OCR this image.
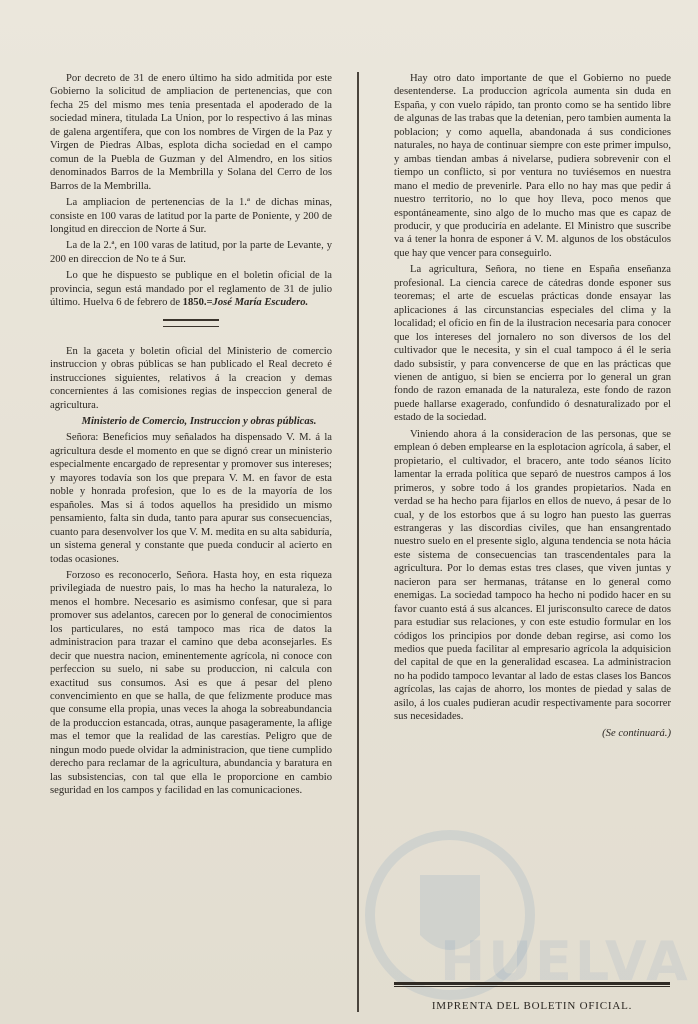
Por decreto de 31 de enero último ha sido admitida por este Gobierno la solicitud de ampliacion de pertenencias, que con fecha 25 del mismo mes tenia presentada el apoderado de la sociedad minera, titulada La Union, por lo respectivo á las minas de galena argentífera, que con los nombres de Virgen de la Paz y Virgen de Piedras Albas, esplota dicha sociedad en el campo comun de la Puebla de Guzman y del Almendro, en los sitios denominados Barros de la Membrilla y Solana del Cerro de los Barros de la Membrilla.

La ampliacion de pertenencias de la 1.ª de dichas minas, consiste en 100 varas de latitud por la parte de Poniente, y 200 de longitud en direccion de Norte á Sur.

La de la 2.ª, en 100 varas de latitud, por la parte de Levante, y 200 en direccion de No te á Sur.

Lo que he dispuesto se publique en el boletin oficial de la provincia, segun está mandado por el reglamento de 31 de julio último. Huelva 6 de febrero de 1850.=José María Escudero.

En la gaceta y boletin oficial del Ministerio de comercio instruccion y obras públicas se han publicado el Real decreto é instrucciones siguientes, relativos á la creacion y demas concernientes á las comisiones regias de inspeccion general de agricultura.

Ministerio de Comercio, Instruccion y obras públicas.

Señora: Beneficios muy señalados ha dispensado V. M. á la agricultura desde el momento en que se dignó crear un ministerio especialmente encargado de representar y promover sus intereses; y mayores todavía son los que prepara V. M. en favor de esta noble y honrada profesion, que lo es de la mayoría de los españoles. Mas si á todos aquellos ha presidido un mismo pensamiento, falta sin duda, tanto para apurar sus consecuencias, cuanto para desenvolver los que V. M. medita en su alta sabiduría, un sistema general y constante que pueda conducir al acierto en todas ocasiones.

Forzoso es reconocerlo, Señora. Hasta hoy, en esta riqueza privilegiada de nuestro pais, lo mas ha hecho la naturaleza, lo menos el hombre. Necesario es asimismo confesar, que si para promover sus adelantos, carecen por lo general de conocimientos los particulares, no está tampoco mas rica de datos la administracion para trazar el camino que deba aconsejarles. Es decir que nuestra nacion, eminentemente agrícola, ni conoce con perfeccion su suelo, ni sabe su produccion, ni calcula con exactitud sus consumos. Asi es que á pesar del pleno convencimiento en que se halla, de que felizmente produce mas que consume ella propia, unas veces la ahoga la sobreabundancia de la produccion estancada, otras, aunque pasageramente, la aflige mas el temor que la realidad de las carestías. Peligro que de ningun modo puede olvidar la administracion, que tiene cumplido derecho para reclamar de la agricultura, abundancia y baratura en las subsistencias, con tal que ella le proporcione en cambio seguridad en los campos y facilidad en las comunicaciones.

Hay otro dato importante de que el Gobierno no puede desentenderse. La produccion agrícola aumenta sin duda en España, y con vuelo rápido, tan pronto como se ha sentido libre de algunas de las trabas que la detenian, pero tambien aumenta la poblacion; y como aquella, abandonada á sus condiciones naturales, no haya de continuar siempre con este primer impulso, y ambas tiendan ambas á nivelarse, pudiera sobrevenir con el tiempo un conflicto, si por ventura no tuviésemos en nuestra mano el medio de prevenirle. Para ello no hay mas que pedir á nuestro territorio, no lo que hoy lleva, poco menos que espontáneamente, sino algo de lo mucho mas que es capaz de producir, y que produciría en adelante. El Ministro que suscribe va á tener la honra de esponer á V. M. algunos de los obstáculos que hay que vencer para conseguirlo.

La agricultura, Señora, no tiene en España enseñanza profesional. La ciencia carece de cátedras donde esponer sus teoremas; el arte de escuelas prácticas donde ensayar las aplicaciones á las circunstancias especiales del clima y la localidad; el oficio en fin de la ilustracion necesaria para conocer que los intereses del jornalero no son diversos de los del cultivador que le necesita, y sin el cual tampoco á él le seria dado subsistir, y para convencerse de que en las prácticas que vienen de antiguo, si bien se encierra por lo general un gran fondo de razon emanada de la naturaleza, este fondo de razon puede hallarse exagerado, confundido ó desnaturalizado por el estado de la sociedad.

Viniendo ahora á la consideracion de las personas, que se emplean ó deben emplearse en la esplotacion agrícola, á saber, el propietario, el cultivador, el bracero, ante todo séanos lícito lamentar la errada política que separó de nuestros campos á los primeros, y sobre todo á los grandes propietarios. Nada en verdad se ha hecho para fijarlos en ellos de nuevo, á pesar de lo cual, y de los estorbos que á su logro han puesto las guerras estrangeras y las discordias civiles, que han ensangrentado nuestro suelo en el presente siglo, alguna tendencia se nota hácia este sistema de consecuencias tan trascendentales para la agricultura. Por lo demas estas tres clases, que viven juntas y nacieron para ser hermanas, trátanse en lo general como enemigas. La sociedad tampoco ha hecho ni podido hacer en su favor cuanto está á sus alcances. El jurisconsulto carece de datos para estudiar sus relaciones, y con este estudio formular en los códigos los principios por donde deban regirse, asi como los medios que pueda facilitar al empresario agrícola la adquisicion del capital de que en la generalidad escasea. La administracion no ha podido tampoco levantar al lado de estas clases los Bancos agrícolas, las cajas de ahorro, los montes de piedad y salas de asilo, á los cuales pudieran acudir respectivamente para socorrer sus necesidades.

(Se continuará.)

HUELVA
IMPRENTA DEL BOLETIN OFICIAL.
